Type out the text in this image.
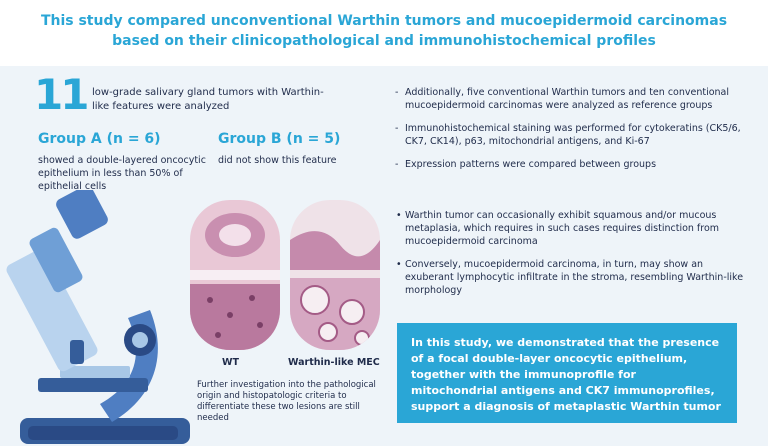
This study compared unconventional Warthin tumors and mucoepidermoid carcinomas based on their clinicopathological and immunohistochemical profiles
11 low-grade salivary gland tumors with Warthin-like features were analyzed
Group A (n = 6)
showed a double-layered oncocytic epithelium in less than 50% of epithelial cells
Group B (n = 5)
did not show this feature
- Additionally, five conventional Warthin tumors and ten conventional mucoepidermoid carcinomas were analyzed as reference groups
- Immunohistochemical staining was performed for cytokeratins (CK5/6, CK7, CK14), p63, mitochondrial antigens, and Ki-67
- Expression patterns were compared between groups
• Warthin tumor can occasionally exhibit squamous and/or mucous metaplasia, which requires in such cases requires distinction from mucoepidermoid carcinoma
• Conversely, mucoepidermoid carcinoma, in turn, may show an exuberant lymphocytic infiltrate in the stroma, resembling Warthin-like morphology
WT	Warthin-like MEC
Further investigation into the pathological origin and histopatologic criteria to differentiate these two lesions are still needed

In this study, we demonstrated that the presence of a focal double-layer oncocytic epithelium, together with the immunoprofile for mitochondrial antigens and CK7 immunoprofiles, support a diagnosis of metaplastic Warthin tumor
